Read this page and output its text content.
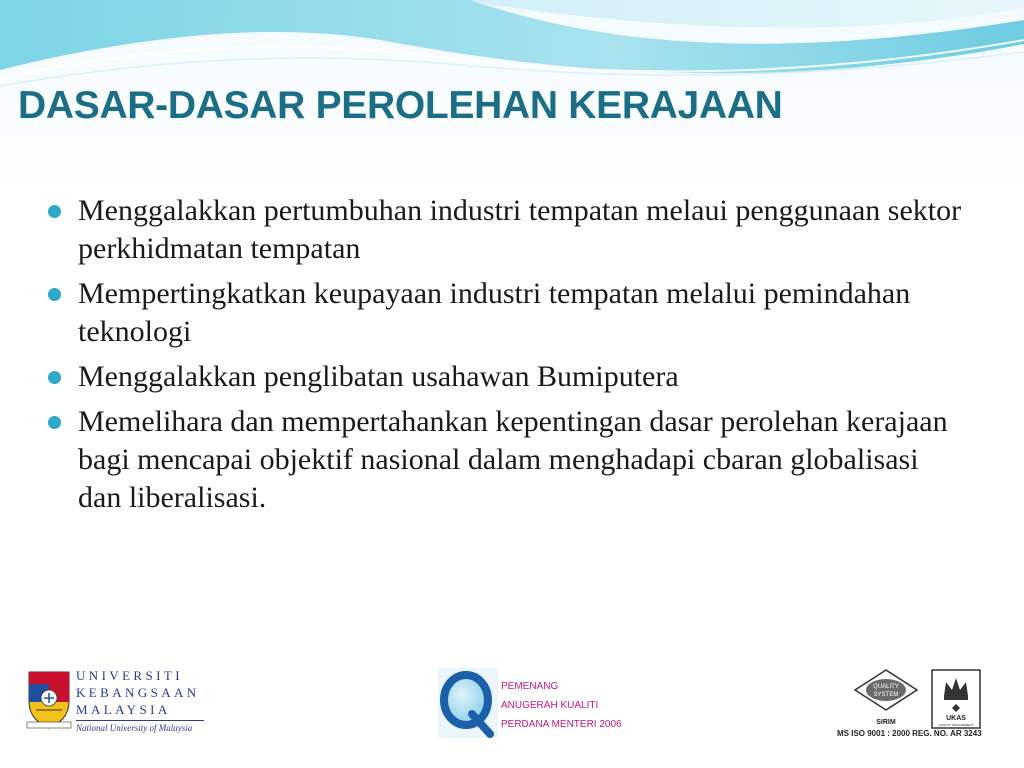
DASAR-DASAR PEROLEHAN KERAJAAN
Menggalakkan pertumbuhan industri tempatan melaui penggunaan sektor perkhidmatan tempatan
Mempertingkatkan keupayaan industri tempatan melalui pemindahan teknologi
Menggalakkan penglibatan usahawan Bumiputera
Memelihara dan mempertahankan kepentingan dasar perolehan kerajaan bagi mencapai objektif nasional dalam menghadapi cbaran globalisasi dan liberalisasi.
UNIVERSITI
KEBANGSAAN
MALAYSIA
National University of Malaysia
PEMENANG
ANUGERAH KUALITI
PERDANA MENTERI 2006
QUALITY
SYSTEM
SIRIM
UKAS
QUALITY MANAGEMENT
MS ISO 9001 : 2000 REG. NO. AR 3243
